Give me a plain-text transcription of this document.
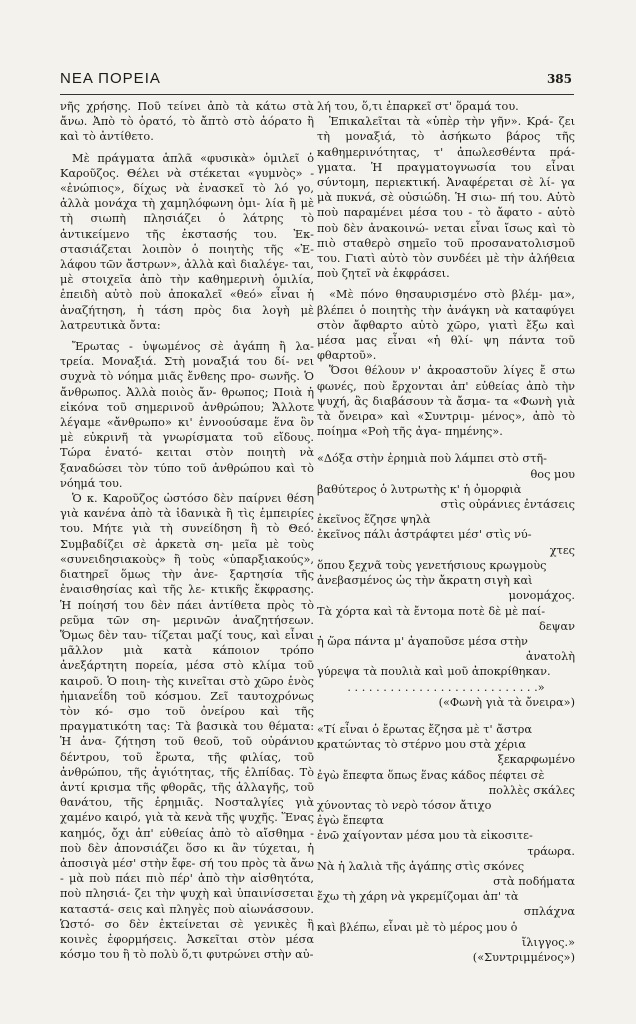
ΝΕΑ ΠΟΡΕΙΑ	385

νῆς χρήσης. Ποῦ τείνει ἀπὸ τὰ κάτω στὰ ἄνω. Ἀπὸ τὸ ὁρατό, τὸ ἄπτὸ στὸ ἀόρατο ἢ καὶ τὸ ἀντίθετο.

Μὲ πράγματα ἁπλᾶ «φυσικὰ» ὁμιλεῖ ὁ Καροῦζος. Θέλει νὰ στέκεται «γυμνὸς» - «ἐνώπιος», δίχως νὰ ἐνασκεῖ τὸ λό γο, ἀλλὰ μονάχα τὴ χαμηλόφωνη ὁμι- λία ἢ μὲ τὴ σιωπὴ πλησιάζει ὁ λάτρης τὸ ἀντικείμενο τῆς ἐκστασής του. Ἐκ- στασιάζεται λοιπὸν ὁ ποιητὴς τῆς «Ἐ- λάφου τῶν ἄστρων», ἀλλὰ καὶ διαλέγε- ται, μὲ στοιχεῖα ἀπὸ τὴν καθημερινὴ ὁμιλία, ἐπειδὴ αὐτὸ ποὺ ἀποκαλεῖ «θεό» εἶναι ἡ ἀναζήτηση, ἡ τάση πρὸς δια λογὴ μὲ λατρευτικὰ ὄντα:

Ἔρωτας - ὑψωμένος σὲ ἀγάπη ἢ λα- τρεία. Μοναξιά. Στὴ μοναξιά του δί- νει συχνὰ τὸ νόημα μιᾶς ἔνθεης προ- σωνῆς. Ὁ ἄνθρωπος. Ἀλλὰ ποιὸς ἄν- θρωπος; Ποιὰ ἡ εἰκόνα τοῦ σημερινοῦ ἀνθρώπου; Ἄλλοτε λέγαμε «ἄνθρωπο» κι' ἐννοούσαμε ἕνα ὂν μὲ εὐκρινῆ τὰ γνωρίσματα τοῦ εἴδους. Τώρα ἐνατό- κειται στὸν ποιητὴ νὰ ξαναδώσει τὸν τύπο τοῦ ἀνθρώπου καὶ τὸ νόημά του.

Ὁ κ. Καροῦζος ὡστόσο δὲν παίρνει θέση γιὰ κανένα ἀπὸ τὰ ἰδανικὰ ἢ τὶς ἐμπειρίες του. Μήτε γιὰ τὴ συνείδηση ἢ τὸ Θεό. Συμβαδίζει σὲ ἀρκετὰ ση- μεῖα μὲ τοὺς «συνειδησιακοὺς» ἢ τοὺς «ὑπαρξιακούς», διατηρεῖ ὅμως τὴν ἀνε- ξαρτησία τῆς ἐναισθησίας καὶ τῆς λε- κτικῆς ἔκφρασης. Ἡ ποίησή του δὲν πάει ἀντίθετα πρὸς τὸ ρεῦμα τῶν ση- μερινῶν ἀναζητήσεων. Ὅμως δὲν ταυ- τίζεται μαζί τους, καὶ εἶναι μᾶλλον μιὰ κατὰ κάποιον τρόπο ἀνεξάρτητη πορεία, μέσα στὸ κλίμα τοῦ καιροῦ. Ὁ ποιη- τὴς κινεῖται στὸ χῶρο ἑνὸς ἡμιανεΐδη τοῦ κόσμου. Ζεῖ ταυτοχρόνως τὸν κό- σμο τοῦ ὀνείρου καὶ τῆς πραγματικότη τας: Τὰ βασικὰ του θέματα: Ἡ ἀνα- ζήτηση τοῦ θεοῦ, τοῦ οὐράνιου δέντρου, τοῦ ἔρωτα, τῆς φιλίας, τοῦ ἀνθρώπου, τῆς ἀγιότητας, τῆς ἐλπίδας. Τὸ ἀντί κρισμα τῆς φθορᾶς, τῆς ἀλλαγῆς, τοῦ θανάτου, τῆς ἐρημιᾶς. Νοσταλγίες γιὰ χαμένο καιρό, γιὰ τὰ κενὰ τῆς ψυχῆς. Ἕνας καημός, ὄχι ἀπ' εὐθείας ἀπὸ τὸ αἴσθημα - ποὺ δὲν ἀπονσιάζει ὅσο κι ἂν τύχεται, ἡ ἀποσιγὰ μέσ' στὴν ἔφε- σή του πρὸς τὰ ἄνω - μὰ ποὺ πάει πιὸ πέρ' ἀπὸ τὴν αἰσθητότα, ποὺ πλησιά- ζει τὴν ψυχὴ καὶ ὑπαινίσσεται καταστά- σεις καὶ πληγὲς ποὺ αἰωνάσσουν. Ὡστό- σο δὲν ἐκτείνεται σὲ γενικὲς ἢ κοινὲς ἐφορμήσεις. Ἀσκεῖται στὸν μέσα κόσμο του ἢ τὸ πολὺ ὅ,τι φυτρώνει στὴν αὐ-

λή του, ὅ,τι ἐπαρκεῖ στ' ὅραμά του.

Ἐπικαλεῖται τὰ «ὑπὲρ τὴν γῆν». Κρά- ζει τὴ μοναξιά, τὸ ἀσήκωτο βάρος τῆς καθημερινότητας, τ' ἀπωλεσθέντα πρά- γματα. Ἡ πραγματογνωσία του εἶναι σύντομη, περιεκτική. Ἀναφέρεται σὲ λί- γα μὰ πυκνά, σὲ οὐσιώδη. Ἡ σιω- πή του. Αὐτὸ ποὺ παραμένει μέσα του - τὸ ἄφατο - αὐτὸ ποὺ δὲν ἀνακοινώ- νεται εἶναι ἴσως καὶ τὸ πιὸ σταθερὸ σημεῖο τοῦ προσανατολισμοῦ του. Γιατὶ αὐτὸ τὸν συνδέει μὲ τὴν ἀλήθεια ποὺ ζητεῖ νὰ ἐκφράσει.

«Μὲ πόνο θησαυρισμένο στὸ βλέμ- μα», βλέπει ὁ ποιητὴς τὴν ἀνάγκη νὰ καταφύγει στὸν ἄφθαρτο αὐτὸ χῶρο, γιατὶ ἔξω καὶ μέσα μας εἶναι «ἡ θλί- ψη πάντα τοῦ φθαρτοῦ».

Ὅσοι θέλουν ν' ἀκροαστοῦν λίγες ἔ στω φωνές, ποὺ ἔρχονται ἀπ' εὐθείας ἀπὸ τὴν ψυχή, ἂς διαβάσουν τὰ ἄσμα- τα «Φωνὴ γιὰ τὰ ὄνειρα» καὶ «Συντριμ- μένος», ἀπὸ τὸ ποίημα «Ροὴ τῆς ἀγα- πημένης».

«Δόξα στὴν ἐρημιὰ ποὺ λάμπει στὸ στῆ-
θος μου
βαθύτερος ὁ λυτρωτὴς κ' ἡ ὀμορφιὰ
στὶς οὐράνιες ἐντάσεις
ἐκεῖνος ἔζησε ψηλὰ
ἐκεῖνος πάλι ἀστράφτει μέσ' στὶς νύ-
χτες
ὅπου ξεχνᾶ τοὺς γενετήσιους κρωγμοὺς
ἀνεβασμένος ὡς τὴν ἄκρατη σιγὴ καὶ
μονομάχος.
Τὰ χόρτα καὶ τὰ ἔντομα ποτὲ δὲ μὲ παί-
δεψαν
ἡ ὥρα πάντα μ' ἀγαποῦσε μέσα στὴν
ἀνατολὴ
γύρεψα τὰ πουλιὰ καὶ μοῦ ἀποκρίθηκαν.
. . . . . . . . . . . . . . . . . . . . . . . . . . .»
(«Φωνὴ γιὰ τὰ ὄνειρα»)
«Τί εἶναι ὁ ἔρωτας ἔζησα μὲ τ' ἄστρα
κρατώντας τὸ στέρνο μου στὰ χέρια
ξεκαρφωμένο
ἐγὼ ἔπεφτα ὅπως ἕνας κάδος πέφτει σὲ
πολλὲς σκάλες
χύνοντας τὸ νερὸ τόσον ἄτιχο
ἐγὼ ἔπεφτα
ἐνῶ χαίγονταν μέσα μου τὰ εἰκοσιτε-
τράωρα.
Νὰ ἡ λαλιὰ τῆς ἀγάπης στὶς σκόνες
στὰ ποδήματα
ἔχω τὴ χάρη νὰ γκρεμίζομαι ἀπ' τὰ
σπλάχνα
καὶ βλέπω, εἶναι μὲ τὸ μέρος μου ὁ
ἴλιγγος.»
(«Συντριμμένος»)
